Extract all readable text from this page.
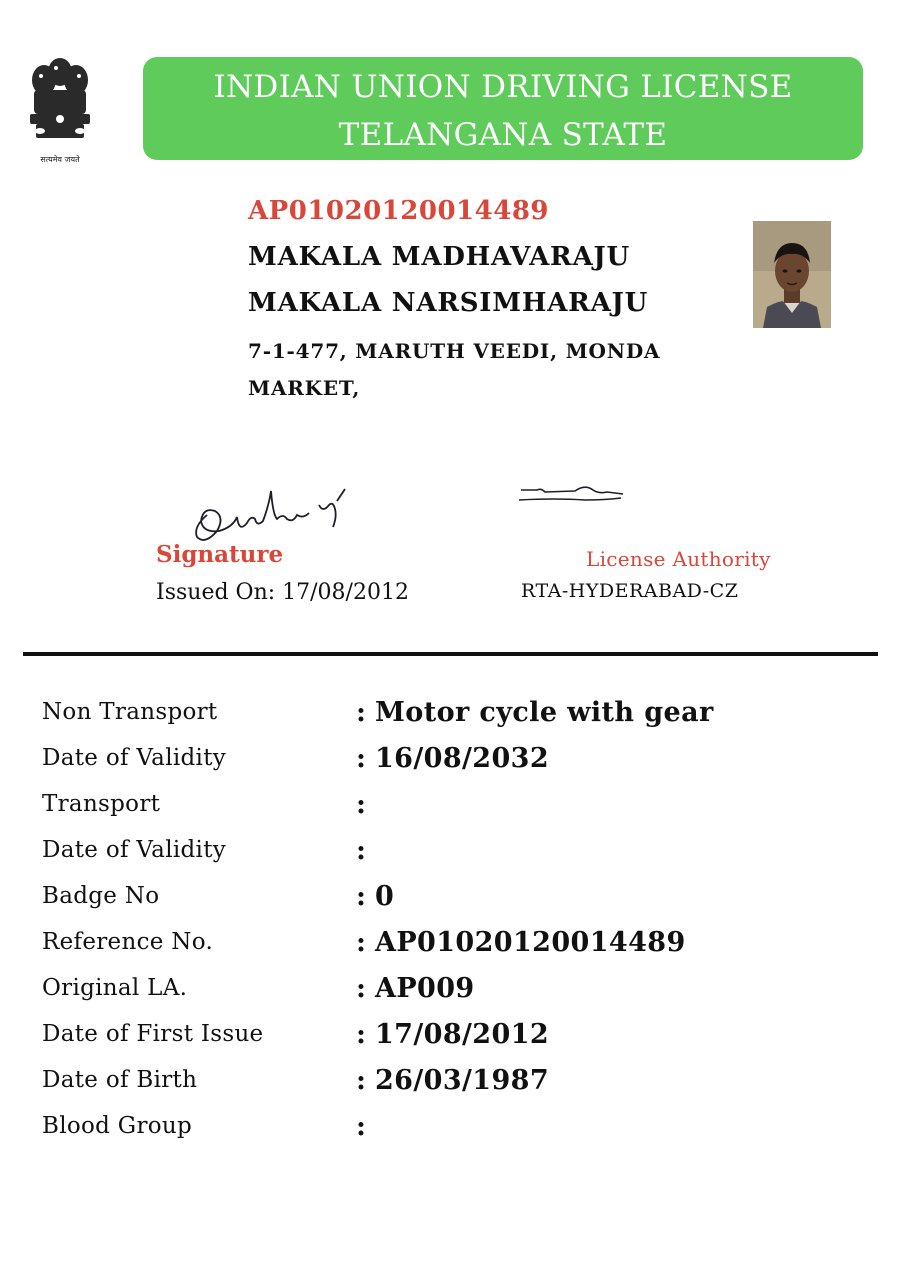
सत्यमेव जयते
INDIAN UNION DRIVING LICENSE
TELANGANA STATE
AP01020120014489
MAKALA MADHAVARAJU
MAKALA NARSIMHARAJU
7-1-477, MARUTH VEEDI, MONDA MARKET,
Signature
Issued On: 17/08/2012
License Authority
RTA-HYDERABAD-CZ
Non Transport	: Motor cycle with gear
Date of Validity	: 16/08/2032
Transport	:
Date of Validity	:
Badge No	: 0
Reference No.	: AP01020120014489
Original LA.	: AP009
Date of First Issue	: 17/08/2012
Date of Birth	: 26/03/1987
Blood Group	:
